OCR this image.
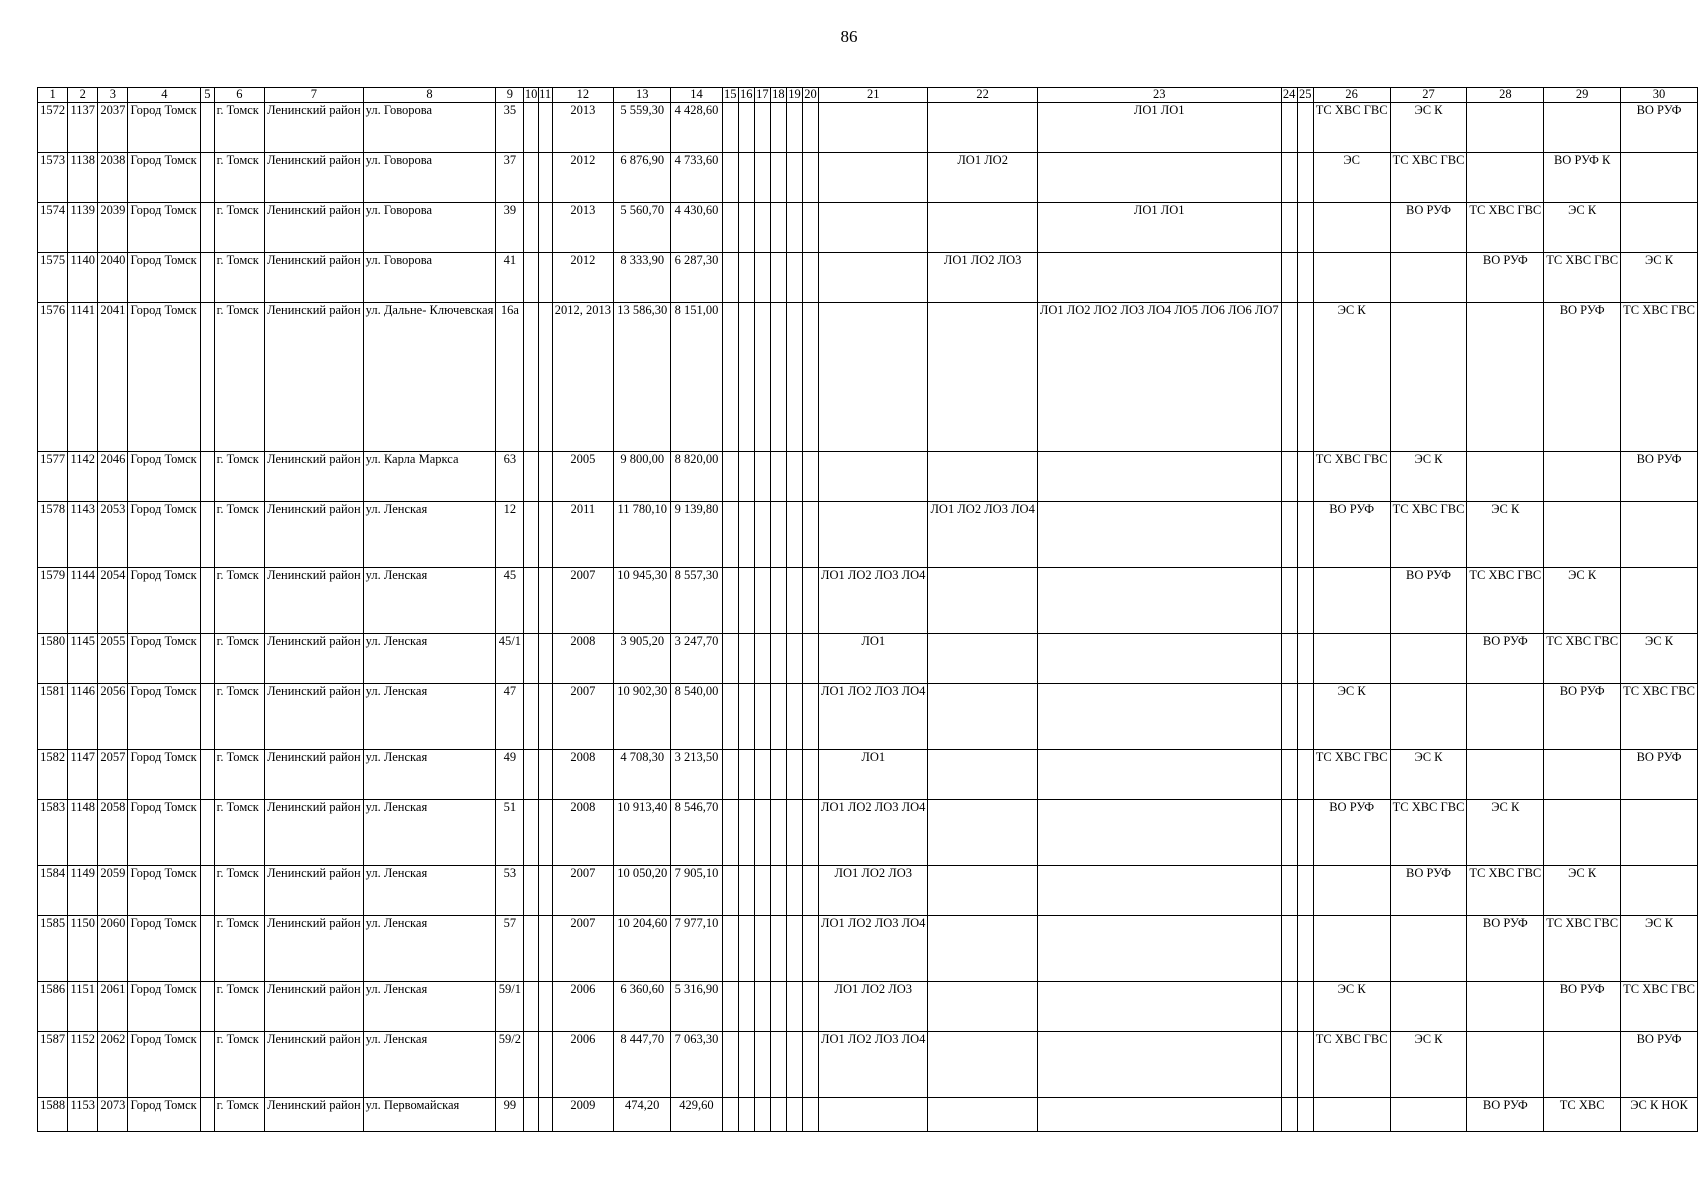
86
1	2	3	4	5	6	7	8	9	10	11	12	13	14	15	16	17	18	19	20	21	22	23	24	25	26	27	28	29	30
1572	1137	2037	Город Томск		г. Томск	Ленинский район	ул. Говорова	35			2013	5 559,30	4 428,60									ЛО1 ЛО1			ТС ХВС ГВС	ЭС К			ВО РУФ
1573	1138	2038	Город Томск		г. Томск	Ленинский район	ул. Говорова	37			2012	6 876,90	4 733,60								ЛО1 ЛО2				ЭС	ТС ХВС ГВС		ВО РУФ К	
1574	1139	2039	Город Томск		г. Томск	Ленинский район	ул. Говорова	39			2013	5 560,70	4 430,60									ЛО1 ЛО1				ВО РУФ	ТС ХВС ГВС	ЭС К	
1575	1140	2040	Город Томск		г. Томск	Ленинский район	ул. Говорова	41			2012	8 333,90	6 287,30								ЛО1 ЛО2 ЛО3						ВО РУФ	ТС ХВС ГВС	ЭС К
1576	1141	2041	Город Томск		г. Томск	Ленинский район	ул. Дальне- Ключевская	16а			2012, 2013	13 586,30	8 151,00									ЛО1 ЛО2 ЛО2 ЛО3 ЛО4 ЛО5 ЛО6 ЛО6 ЛО7			ЭС К			ВО РУФ	ТС ХВС ГВС
1577	1142	2046	Город Томск		г. Томск	Ленинский район	ул. Карла Маркса	63			2005	9 800,00	8 820,00												ТС ХВС ГВС	ЭС К			ВО РУФ
1578	1143	2053	Город Томск		г. Томск	Ленинский район	ул. Ленская	12			2011	11 780,10	9 139,80								ЛО1 ЛО2 ЛО3 ЛО4				ВО РУФ	ТС ХВС ГВС	ЭС К		
1579	1144	2054	Город Томск		г. Томск	Ленинский район	ул. Ленская	45			2007	10 945,30	8 557,30							ЛО1 ЛО2 ЛО3 ЛО4						ВО РУФ	ТС ХВС ГВС	ЭС К	
1580	1145	2055	Город Томск		г. Томск	Ленинский район	ул. Ленская	45/1			2008	3 905,20	3 247,70							ЛО1							ВО РУФ	ТС ХВС ГВС	ЭС К
1581	1146	2056	Город Томск		г. Томск	Ленинский район	ул. Ленская	47			2007	10 902,30	8 540,00							ЛО1 ЛО2 ЛО3 ЛО4					ЭС К			ВО РУФ	ТС ХВС ГВС
1582	1147	2057	Город Томск		г. Томск	Ленинский район	ул. Ленская	49			2008	4 708,30	3 213,50							ЛО1					ТС ХВС ГВС	ЭС К			ВО РУФ
1583	1148	2058	Город Томск		г. Томск	Ленинский район	ул. Ленская	51			2008	10 913,40	8 546,70							ЛО1 ЛО2 ЛО3 ЛО4					ВО РУФ	ТС ХВС ГВС	ЭС К		
1584	1149	2059	Город Томск		г. Томск	Ленинский район	ул. Ленская	53			2007	10 050,20	7 905,10							ЛО1 ЛО2 ЛО3						ВО РУФ	ТС ХВС ГВС	ЭС К	
1585	1150	2060	Город Томск		г. Томск	Ленинский район	ул. Ленская	57			2007	10 204,60	7 977,10							ЛО1 ЛО2 ЛО3 ЛО4							ВО РУФ	ТС ХВС ГВС	ЭС К
1586	1151	2061	Город Томск		г. Томск	Ленинский район	ул. Ленская	59/1			2006	6 360,60	5 316,90							ЛО1 ЛО2 ЛО3					ЭС К			ВО РУФ	ТС ХВС ГВС
1587	1152	2062	Город Томск		г. Томск	Ленинский район	ул. Ленская	59/2			2006	8 447,70	7 063,30							ЛО1 ЛО2 ЛО3 ЛО4					ТС ХВС ГВС	ЭС К			ВО РУФ
1588	1153	2073	Город Томск		г. Томск	Ленинский район	ул. Первомайская	99			2009	474,20	429,60														ВО РУФ	ТС ХВС	ЭС К НОК
